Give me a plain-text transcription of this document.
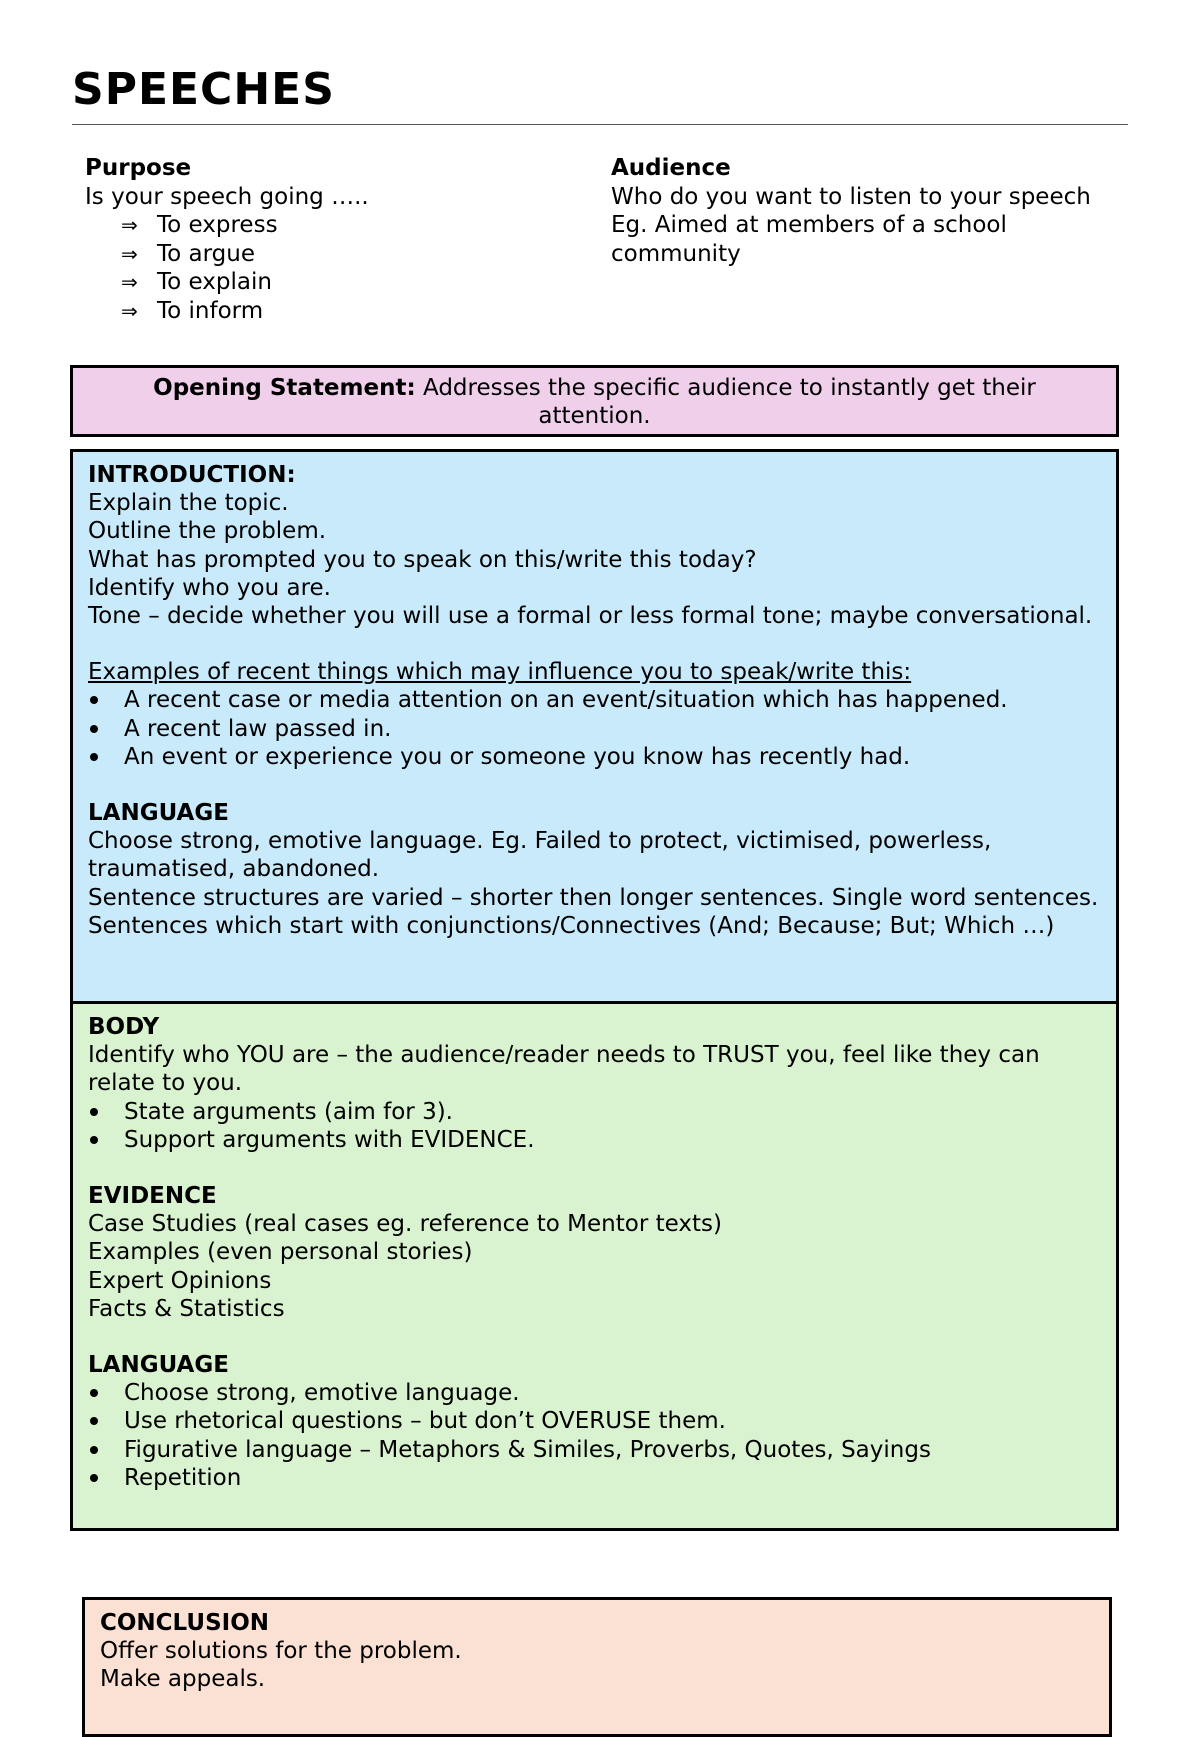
SPEECHES
Purpose
Is your speech going …..
⇒ To express
⇒ To argue
⇒ To explain
⇒ To inform
Audience
Who do you want to listen to your speech
Eg. Aimed at members of a school
community
Opening Statement: Addresses the specific audience to instantly get their attention.
INTRODUCTION:
Explain the topic.
Outline the problem.
What has prompted you to speak on this/write this today?
Identify who you are.
Tone – decide whether you will use a formal or less formal tone; maybe conversational.
Examples of recent things which may influence you to speak/write this:
A recent case or media attention on an event/situation which has happened.
A recent law passed in.
An event or experience you or someone you know has recently had.
LANGUAGE
Choose strong, emotive language. Eg. Failed to protect, victimised, powerless, traumatised, abandoned.
Sentence structures are varied – shorter then longer sentences. Single word sentences. Sentences which start with conjunctions/Connectives (And; Because; But; Which …)
BODY
Identify who YOU are – the audience/reader needs to TRUST you, feel like they can relate to you.
State arguments (aim for 3).
Support arguments with EVIDENCE.
EVIDENCE
Case Studies (real cases eg. reference to Mentor texts)
Examples (even personal stories)
Expert Opinions
Facts & Statistics
LANGUAGE
Choose strong, emotive language.
Use rhetorical questions – but don’t OVERUSE them.
Figurative language – Metaphors & Similes, Proverbs, Quotes, Sayings
Repetition
CONCLUSION
Offer solutions for the problem.
Make appeals.
